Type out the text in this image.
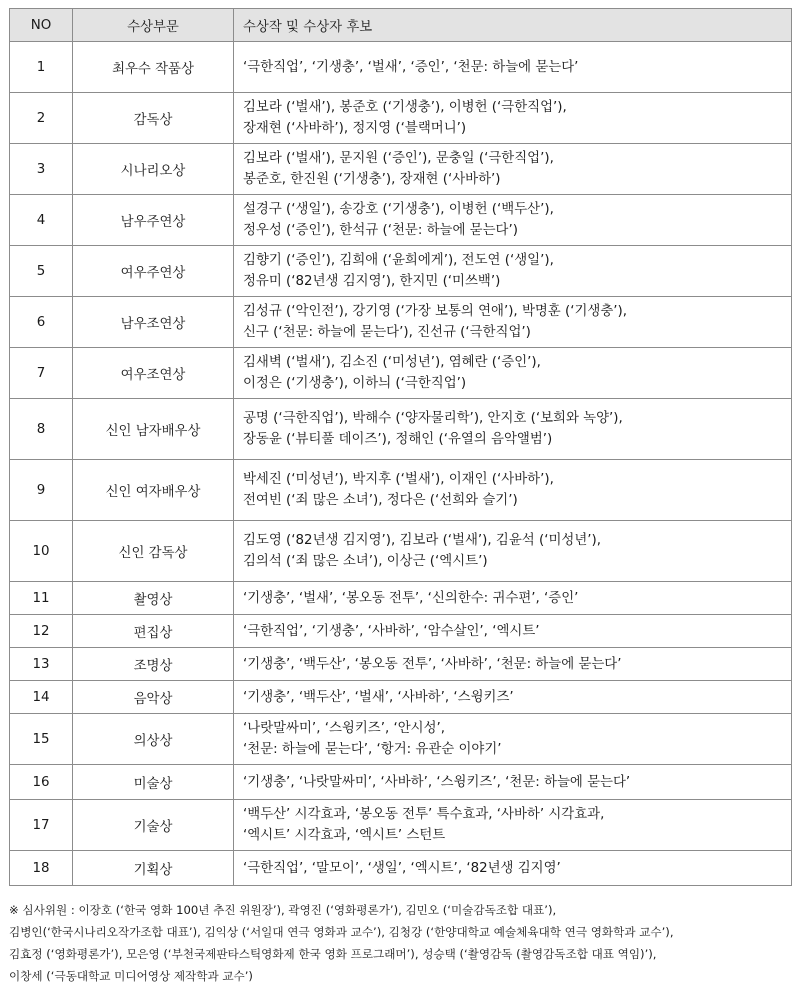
NO	수상부문	수상작 및 수상자 후보
1	최우수 작품상	‘극한직업’, ‘기생충’, ‘벌새’, ‘증인’, ‘천문: 하늘에 묻는다’

2	감독상	김보라 (‘벌새’), 봉준호 (‘기생충’), 이병헌 (‘극한직업’),
장재현 (‘사바하’), 정지영 (‘블랙머니’)

3	시나리오상	김보라 (‘벌새’), 문지원 (‘증인’), 문충일 (‘극한직업’),
봉준호, 한진원 (‘기생충’), 장재현 (‘사바하’)

4	남우주연상	설경구 (‘생일’), 송강호 (‘기생충’), 이병헌 (‘백두산’),
정우성 (‘증인’), 한석규 (‘천문: 하늘에 묻는다’)

5	여우주연상	김향기 (‘증인’), 김희애 (‘윤희에게’), 전도연 (‘생일’),
정유미 (‘82년생 김지영’), 한지민 (‘미쓰백’)

6	남우조연상	김성규 (‘악인전’), 강기영 (‘가장 보통의 연애’), 박명훈 (‘기생충’),
신구 (‘천문: 하늘에 묻는다’), 진선규 (‘극한직업’)

7	여우조연상	김새벽 (‘벌새’), 김소진 (‘미성년’), 염혜란 (‘증인’),
이정은 (‘기생충’), 이하늬 (‘극한직업’)

8	신인 남자배우상	공명 (‘극한직업’), 박해수 (‘양자물리학’), 안지호 (‘보희와 녹양’),
장동윤 (‘뷰티풀 데이즈’), 정해인 (‘유열의 음악앨범’)

9	신인 여자배우상	박세진 (‘미성년’), 박지후 (‘벌새’), 이재인 (‘사바하’),
전여빈 (‘죄 많은 소녀’), 정다은 (‘선희와 슬기’)

10	신인 감독상	김도영 (‘82년생 김지영’), 김보라 (‘벌새’), 김윤석 (‘미성년’),
김의석 (‘죄 많은 소녀’), 이상근 (‘엑시트’)

11	촬영상	‘기생충’, ‘벌새’, ‘봉오동 전투’, ‘신의한수: 귀수편’, ‘증인’

12	편집상	‘극한직업’, ‘기생충’, ‘사바하’, ‘암수살인’, ‘엑시트’

13	조명상	‘기생충’, ‘백두산’, ‘봉오동 전투’, ‘사바하’, ‘천문: 하늘에 묻는다’

14	음악상	‘기생충’, ‘백두산’, ‘벌새’, ‘사바하’, ‘스윙키즈’

15	의상상	‘나랏말싸미’, ‘스윙키즈’, ‘안시성’,
‘천문: 하늘에 묻는다’, ‘항거: 유관순 이야기’

16	미술상	‘기생충’, ‘나랏말싸미’, ‘사바하’, ‘스윙키즈’, ‘천문: 하늘에 묻는다’

17	기술상	‘백두산’ 시각효과, ‘봉오동 전투’ 특수효과, ‘사바하’ 시각효과,
‘엑시트’ 시각효과, ‘엑시트’ 스턴트

18	기획상	‘극한직업’, ‘말모이’, ‘생일’, ‘엑시트’, ‘82년생 김지영’
※ 심사위원 : 이장호 (‘한국 영화 100년 추진 위원장’), 곽영진 (‘영화평론가’), 김민오 (‘미술감독조합 대표’),
김병인(‘한국시나리오작가조합 대표’), 김익상 (‘서일대 연극 영화과 교수’), 김청강 (‘한양대학교 예술체육대학 연극 영화학과 교수’),
김효정 (‘영화평론가’), 모은영 (‘부천국제판타스틱영화제 한국 영화 프로그래머’), 성승택 (‘촬영감독 (촬영감독조합 대표 역임)’),
이창세 (‘극동대학교 미디어영상 제작학과 교수’)
